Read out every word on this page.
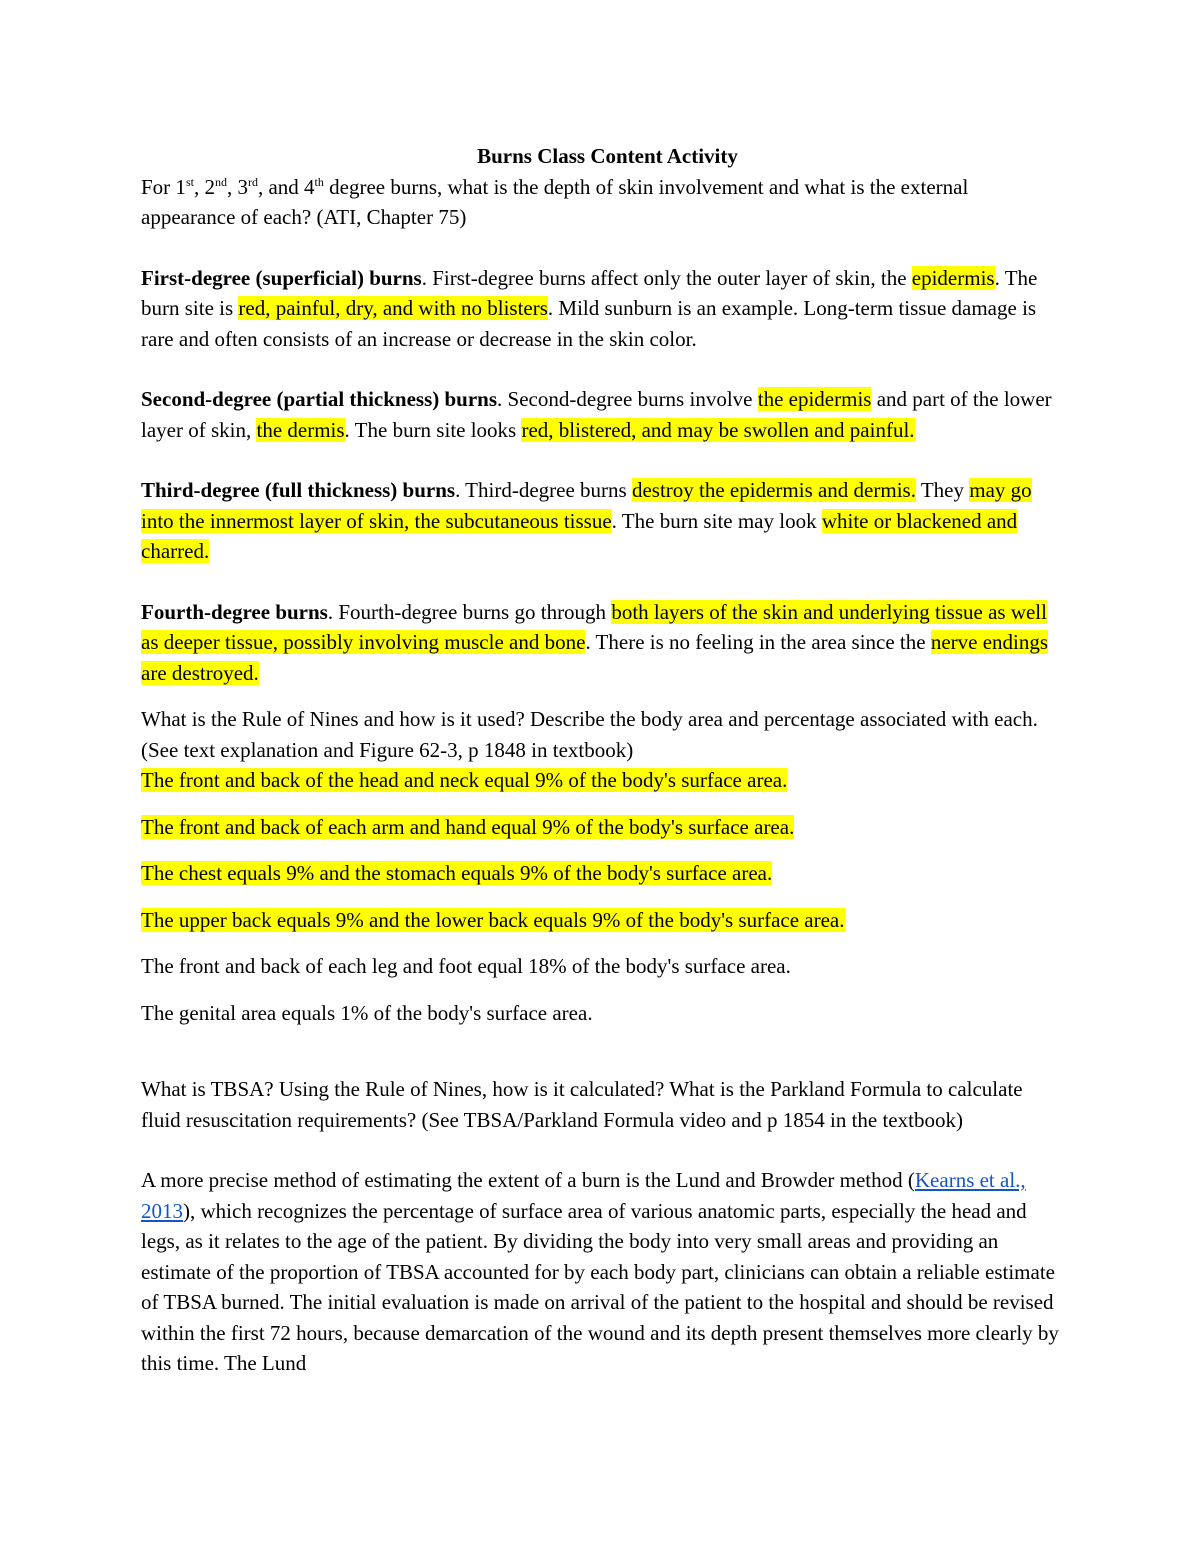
Burns Class Content Activity

For 1st, 2nd, 3rd, and 4th degree burns, what is the depth of skin involvement and what is the external appearance of each? (ATI, Chapter 75)

First-degree (superficial) burns. First-degree burns affect only the outer layer of skin, the epidermis. The burn site is red, painful, dry, and with no blisters. Mild sunburn is an example. Long-term tissue damage is rare and often consists of an increase or decrease in the skin color.

Second-degree (partial thickness) burns. Second-degree burns involve the epidermis and part of the lower layer of skin, the dermis. The burn site looks red, blistered, and may be swollen and painful.

Third-degree (full thickness) burns. Third-degree burns destroy the epidermis and dermis. They may go into the innermost layer of skin, the subcutaneous tissue. The burn site may look white or blackened and charred.

Fourth-degree burns. Fourth-degree burns go through both layers of the skin and underlying tissue as well as deeper tissue, possibly involving muscle and bone. There is no feeling in the area since the nerve endings are destroyed.

What is the Rule of Nines and how is it used? Describe the body area and percentage associated with each. (See text explanation and Figure 62-3, p 1848 in textbook)

The front and back of the head and neck equal 9% of the body's surface area.

The front and back of each arm and hand equal 9% of the body's surface area.

The chest equals 9% and the stomach equals 9% of the body's surface area.

The upper back equals 9% and the lower back equals 9% of the body's surface area.

The front and back of each leg and foot equal 18% of the body's surface area.

The genital area equals 1% of the body's surface area.

What is TBSA? Using the Rule of Nines, how is it calculated? What is the Parkland Formula to calculate fluid resuscitation requirements? (See TBSA/Parkland Formula video and p 1854 in the textbook)

A more precise method of estimating the extent of a burn is the Lund and Browder method (Kearns et al., 2013), which recognizes the percentage of surface area of various anatomic parts, especially the head and legs, as it relates to the age of the patient. By dividing the body into very small areas and providing an estimate of the proportion of TBSA accounted for by each body part, clinicians can obtain a reliable estimate of TBSA burned. The initial evaluation is made on arrival of the patient to the hospital and should be revised within the first 72 hours, because demarcation of the wound and its depth present themselves more clearly by this time. The Lund
